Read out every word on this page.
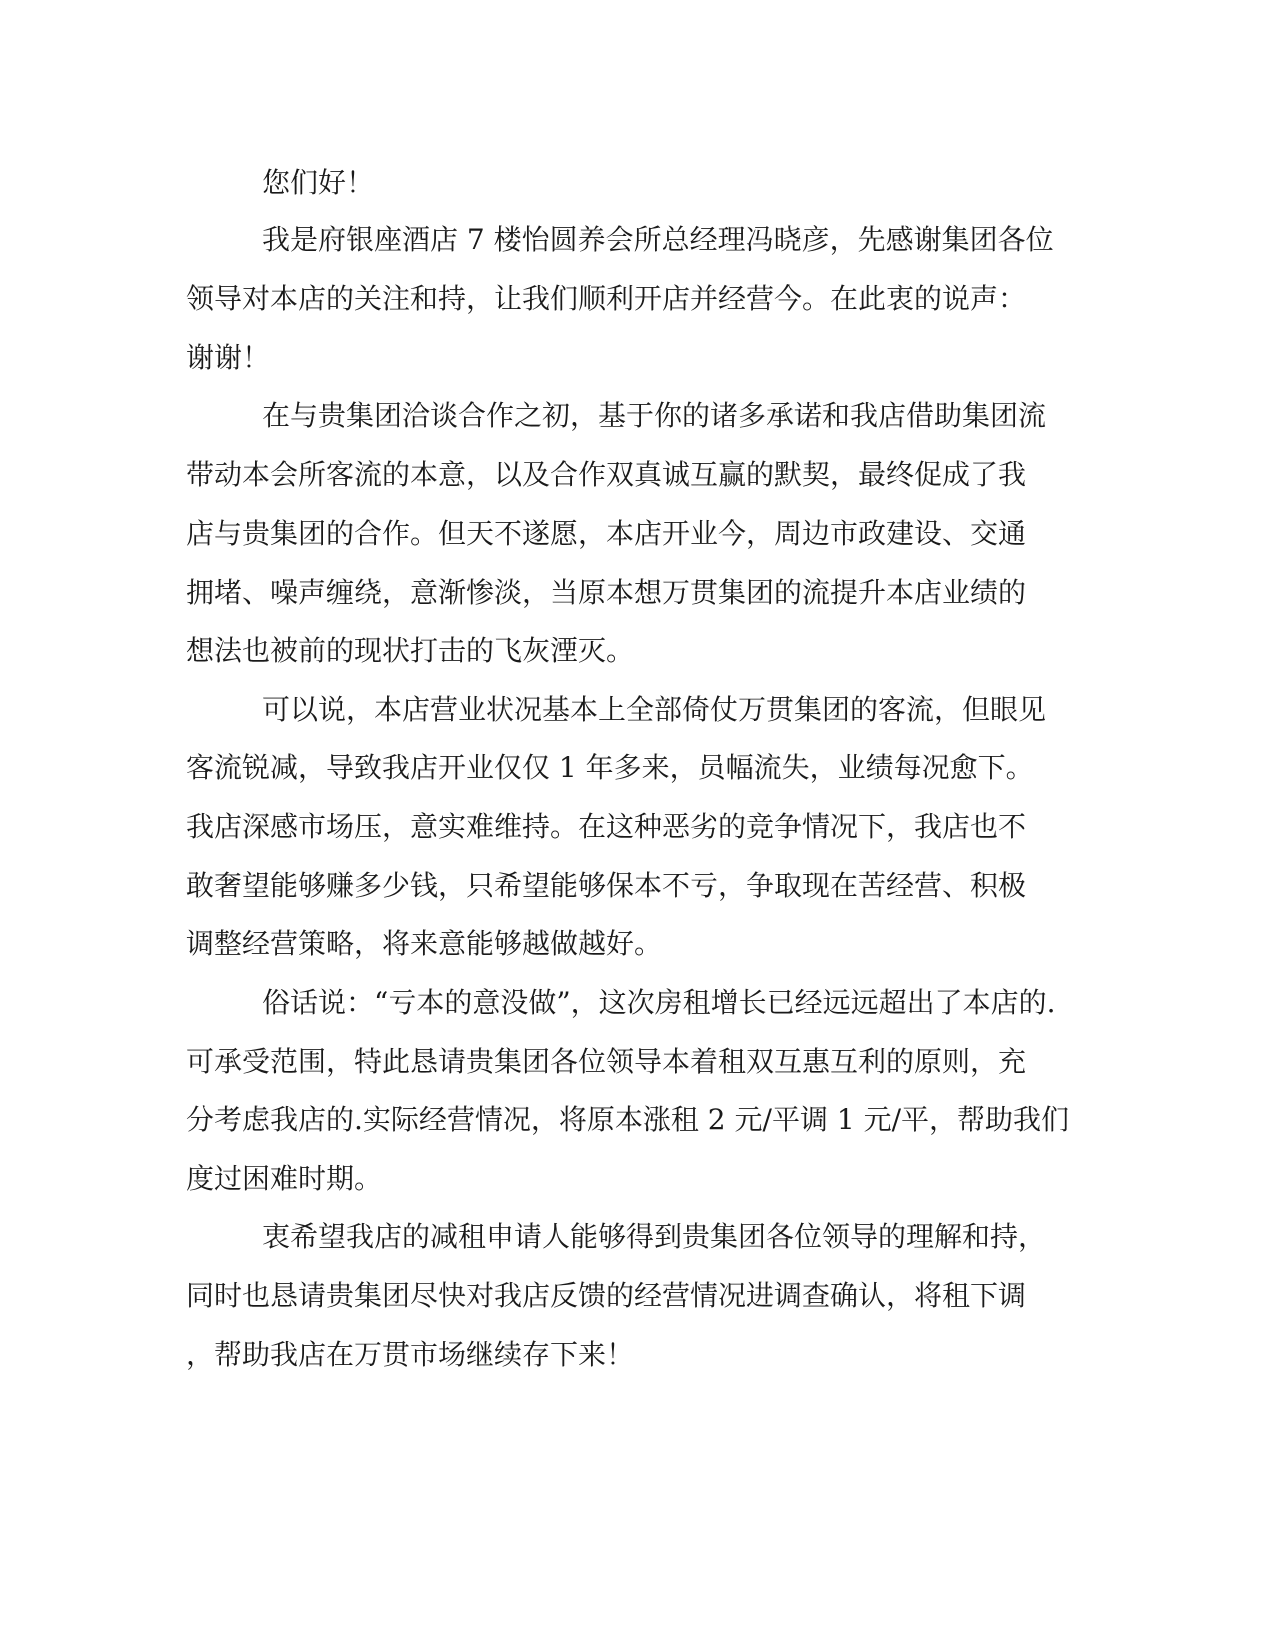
您们好！
我是府银座酒店 7 楼怡圆养会所总经理冯晓彦，先感谢集团各位
领导对本店的关注和持，让我们顺利开店并经营今。在此衷的说声：
谢谢！
在与贵集团洽谈合作之初，基于你的诸多承诺和我店借助集团流
带动本会所客流的本意，以及合作双真诚互赢的默契，最终促成了我
店与贵集团的合作。但天不遂愿，本店开业今，周边市政建设、交通
拥堵、噪声缠绕，意渐惨淡，当原本想万贯集团的流提升本店业绩的
想法也被前的现状打击的飞灰湮灭。
可以说，本店营业状况基本上全部倚仗万贯集团的客流，但眼见
客流锐减，导致我店开业仅仅 1 年多来，员幅流失，业绩每况愈下。
我店深感市场压，意实难维持。在这种恶劣的竞争情况下，我店也不
敢奢望能够赚多少钱，只希望能够保本不亏，争取现在苦经营、积极
调整经营策略，将来意能够越做越好。
俗话说：“亏本的意没做”，这次房租增长已经远远超出了本店的.
可承受范围，特此恳请贵集团各位领导本着租双互惠互利的原则，充
分考虑我店的.实际经营情况，将原本涨租 2 元/平调 1 元/平，帮助我们
度过困难时期。
衷希望我店的减租申请人能够得到贵集团各位领导的理解和持，
同时也恳请贵集团尽快对我店反馈的经营情况进调查确认，将租下调
，帮助我店在万贯市场继续存下来！
